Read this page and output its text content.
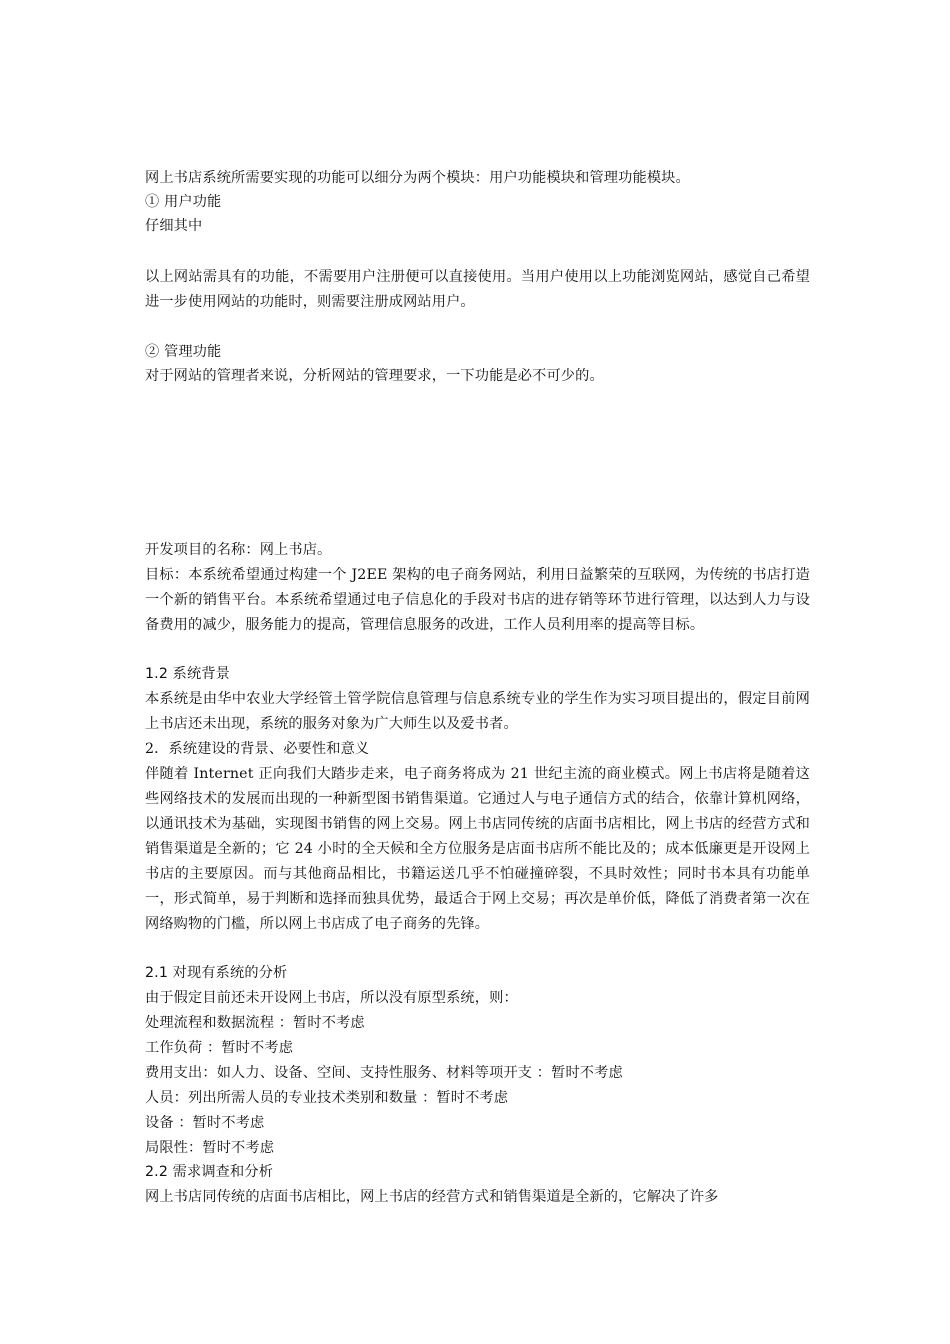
网上书店系统所需要实现的功能可以细分为两个模块：用户功能模块和管理功能模块。
① 用户功能
仔细其中
以上网站需具有的功能，不需要用户注册便可以直接使用。当用户使用以上功能浏览网站，感觉自己希望进一步使用网站的功能时，则需要注册成网站用户。
② 管理功能
对于网站的管理者来说，分析网站的管理要求，一下功能是必不可少的。
开发项目的名称：网上书店。
目标：本系统希望通过构建一个 J2EE 架构的电子商务网站，利用日益繁荣的互联网，为传统的书店打造一个新的销售平台。本系统希望通过电子信息化的手段对书店的进存销等环节进行管理，以达到人力与设备费用的减少，服务能力的提高，管理信息服务的改进，工作人员利用率的提高等目标。
1.2 系统背景
本系统是由华中农业大学经管土管学院信息管理与信息系统专业的学生作为实习项目提出的，假定目前网上书店还未出现，系统的服务对象为广大师生以及爱书者。
2．系统建设的背景、必要性和意义
伴随着 Internet 正向我们大踏步走来，电子商务将成为 21 世纪主流的商业模式。网上书店将是随着这些网络技术的发展而出现的一种新型图书销售渠道。它通过人与电子通信方式的结合，依靠计算机网络，以通讯技术为基础，实现图书销售的网上交易。网上书店同传统的店面书店相比，网上书店的经营方式和销售渠道是全新的；它 24 小时的全天候和全方位服务是店面书店所不能比及的；成本低廉更是开设网上书店的主要原因。而与其他商品相比，书籍运送几乎不怕碰撞碎裂，不具时效性；同时书本具有功能单一，形式简单，易于判断和选择而独具优势，最适合于网上交易；再次是单价低，降低了消费者第一次在网络购物的门槛，所以网上书店成了电子商务的先锋。
2.1 对现有系统的分析
由于假定目前还未开设网上书店，所以没有原型系统，则：
处理流程和数据流程 ：暂时不考虑
工作负荷 ：暂时不考虑
费用支出：如人力、设备、空间、支持性服务、材料等项开支 ：暂时不考虑
人员：列出所需人员的专业技术类别和数量 ：暂时不考虑
设备 ：暂时不考虑
局限性：暂时不考虑
2.2 需求调查和分析
网上书店同传统的店面书店相比，网上书店的经营方式和销售渠道是全新的，它解决了许多
